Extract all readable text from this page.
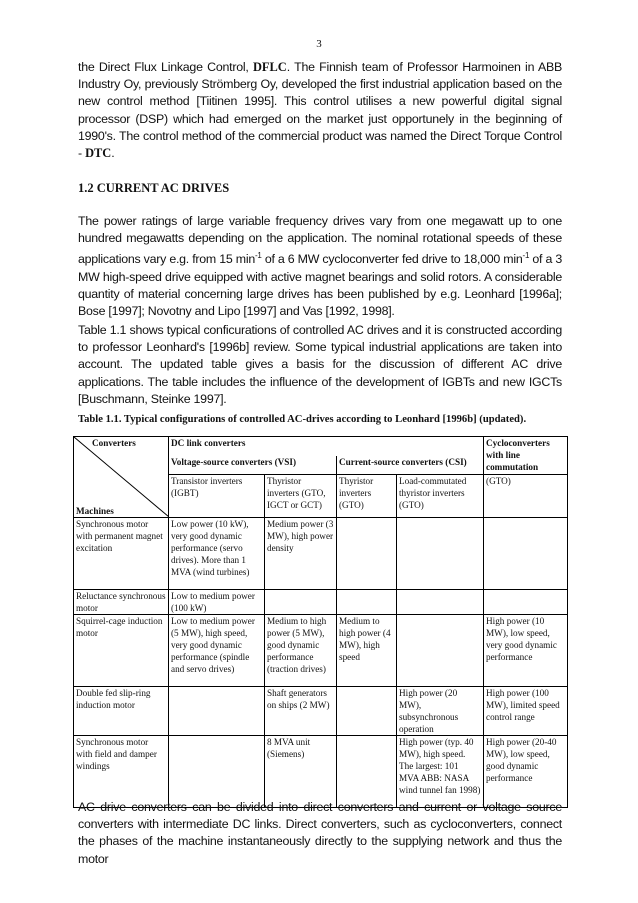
3

the Direct Flux Linkage Control, DFLC. The Finnish team of Professor Harmoinen in ABB Industry Oy, previously Strömberg Oy, developed the first industrial application based on the new control method [Tiitinen 1995]. This control utilises a new powerful digital signal processor (DSP) which had emerged on the market just opportunely in the beginning of 1990's. The control method of the commercial product was named the Direct Torque Control - DTC.

1.2 CURRENT AC DRIVES

The power ratings of large variable frequency drives vary from one megawatt up to one hundred megawatts depending on the application. The nominal rotational speeds of these applications vary e.g. from 15 $\min^{-1}$ of a 6 MW cycloconverter fed drive to 18,000 $\min^{-1}$ of a 3 MW high-speed drive equipped with active magnet bearings and solid rotors. A considerable quantity of material concerning large drives has been published by e.g. Leonhard [1996a]; Bose [1997]; Novotny and Lipo [1997] and Vas [1992, 1998].

Table 1.1 shows typical conficurations of controlled AC drives and it is constructed according to professor Leonhard's [1996b] review. Some typical industrial applications are taken into account. The updated table gives a basis for the discussion of different AC drive applications. The table includes the influence of the development of IGBTs and new IGCTs [Buschmann, Steinke 1997].

Table 1.1. Typical configurations of controlled AC-drives according to Leonhard [1996b] (updated).

Converters
Machines	DC link converters				Cycloconverters with line commutation
	Voltage-source converters (VSI)		Current-source converters (CSI)		
	Transistor inverters (IGBT)	Thyristor inverters (GTO, IGCT or GCT)	Thyristor inverters (GTO)	Load-commutated thyristor inverters (GTO)	(GTO)
Synchronous motor with permanent magnet excitation	Low power (10 kW), very good dynamic performance (servo drives). More than 1 MVA (wind turbines)	Medium power (3 MW), high power density			
Reluctance synchronous motor	Low to medium power (100 kW)				
Squirrel-cage induction motor	Low to medium power (5 MW), high speed, very good dynamic performance (spindle and servo drives)	Medium to high power (5 MW), good dynamic performance (traction drives)	Medium to high power (4 MW), high speed		High power (10 MW), low speed, very good dynamic performance
Double fed slip-ring induction motor		Shaft generators on ships (2 MW)		High power (20 MW), subsynchronous operation	High power (100 MW), limited speed control range
Synchronous motor with field and damper windings		8 MVA unit (Siemens)		High power (typ. 40 MW), high speed. The largest: 101 MVA ABB: NASA wind tunnel fan 1998)	High power (20-40 MW), low speed, good dynamic performance

AC drive converters can be divided into direct converters and current or voltage source converters with intermediate DC links. Direct converters, such as cycloconverters, connect the phases of the machine instantaneously directly to the supplying network and thus the motor
